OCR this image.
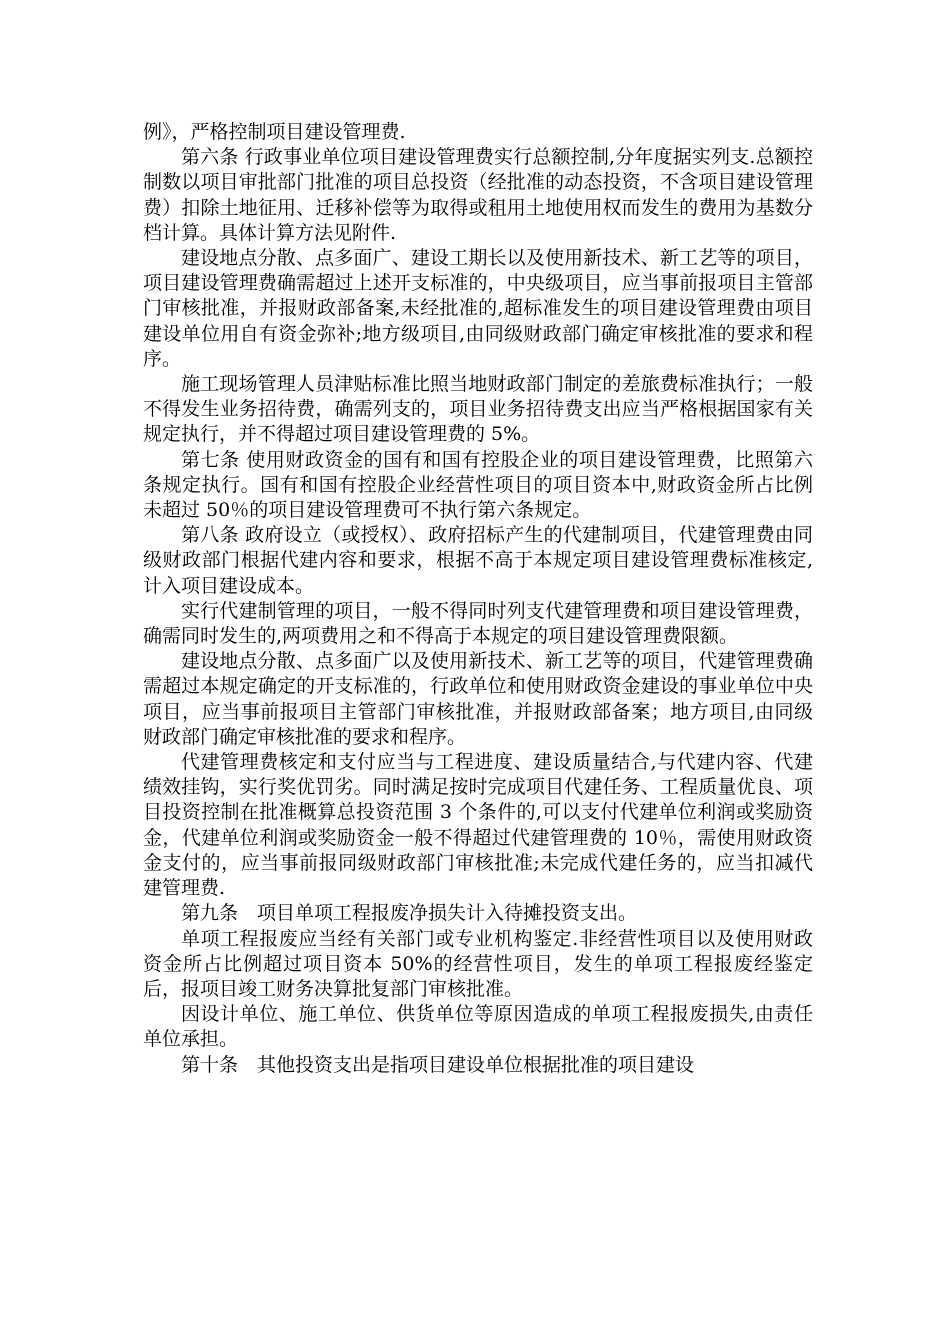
例》，严格控制项目建设管理费.

第六条 行政事业单位项目建设管理费实行总额控制,分年度据实列支.总额控制数以项目审批部门批准的项目总投资（经批准的动态投资，不含项目建设管理费）扣除土地征用、迁移补偿等为取得或租用土地使用权而发生的费用为基数分档计算。具体计算方法见附件.

建设地点分散、点多面广、建设工期长以及使用新技术、新工艺等的项目，项目建设管理费确需超过上述开支标准的，中央级项目，应当事前报项目主管部门审核批准，并报财政部备案,未经批准的,超标准发生的项目建设管理费由项目建设单位用自有资金弥补;地方级项目,由同级财政部门确定审核批准的要求和程序。

施工现场管理人员津贴标准比照当地财政部门制定的差旅费标准执行；一般不得发生业务招待费，确需列支的，项目业务招待费支出应当严格根据国家有关规定执行，并不得超过项目建设管理费的 5%。

第七条 使用财政资金的国有和国有控股企业的项目建设管理费，比照第六条规定执行。国有和国有控股企业经营性项目的项目资本中,财政资金所占比例未超过 50％的项目建设管理费可不执行第六条规定。

第八条 政府设立（或授权）、政府招标产生的代建制项目，代建管理费由同级财政部门根据代建内容和要求，根据不高于本规定项目建设管理费标准核定,计入项目建设成本。

实行代建制管理的项目，一般不得同时列支代建管理费和项目建设管理费，确需同时发生的,两项费用之和不得高于本规定的项目建设管理费限额。

建设地点分散、点多面广以及使用新技术、新工艺等的项目，代建管理费确需超过本规定确定的开支标准的，行政单位和使用财政资金建设的事业单位中央项目，应当事前报项目主管部门审核批准，并报财政部备案；地方项目,由同级财政部门确定审核批准的要求和程序。

代建管理费核定和支付应当与工程进度、建设质量结合,与代建内容、代建绩效挂钩，实行奖优罚劣。同时满足按时完成项目代建任务、工程质量优良、项目投资控制在批准概算总投资范围 3 个条件的,可以支付代建单位利润或奖励资金，代建单位利润或奖励资金一般不得超过代建管理费的 10％，需使用财政资金支付的，应当事前报同级财政部门审核批准;未完成代建任务的，应当扣减代建管理费.

第九条　项目单项工程报废净损失计入待摊投资支出。

单项工程报废应当经有关部门或专业机构鉴定.非经营性项目以及使用财政资金所占比例超过项目资本 50%的经营性项目，发生的单项工程报废经鉴定后，报项目竣工财务决算批复部门审核批准。

因设计单位、施工单位、供货单位等原因造成的单项工程报废损失,由责任单位承担。

第十条　其他投资支出是指项目建设单位根据批准的项目建设
